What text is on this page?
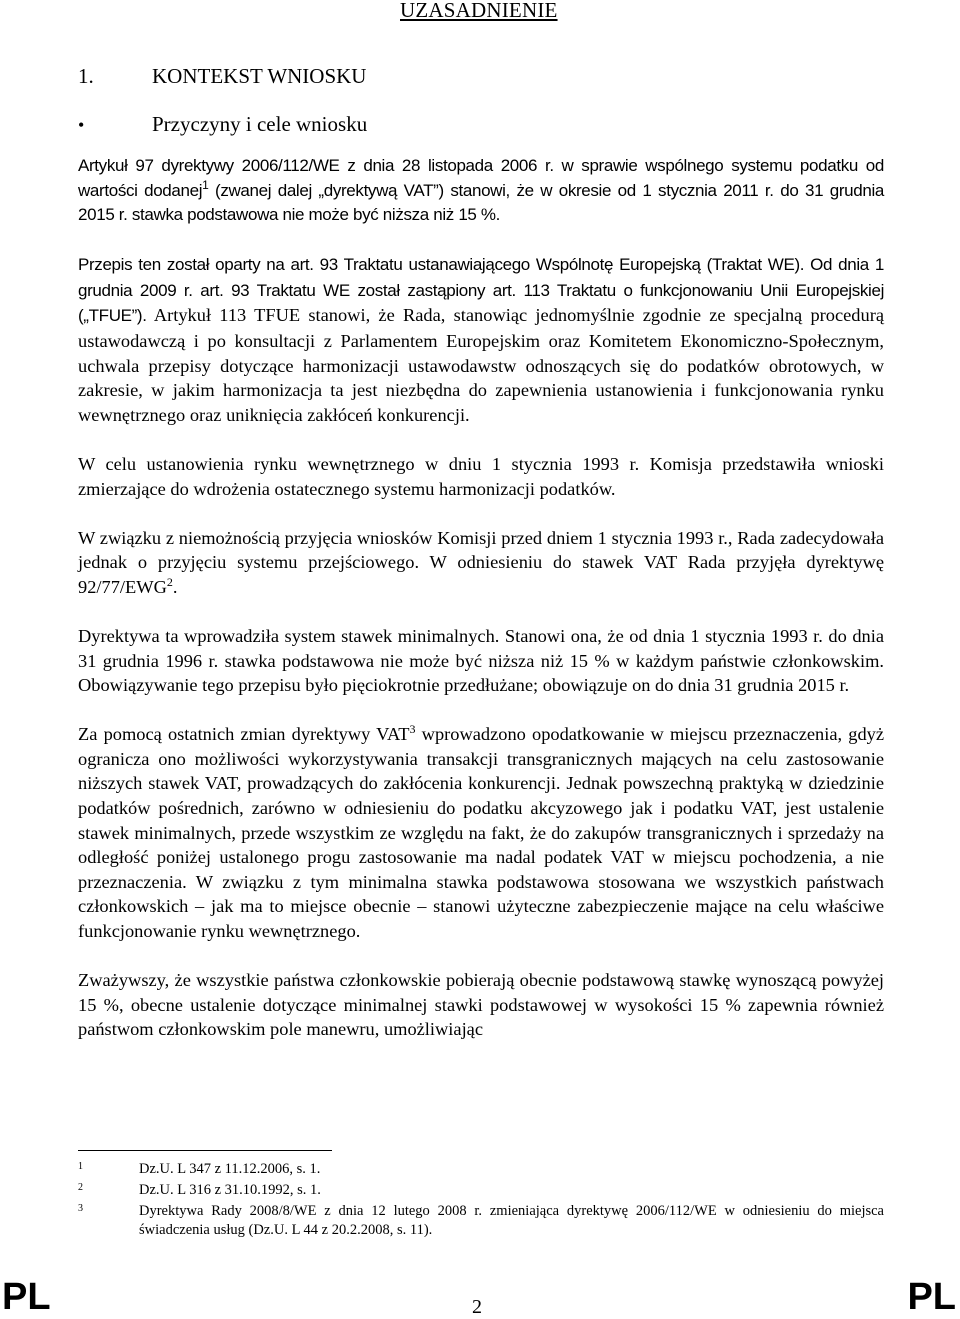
UZASADNIENIE
1.	KONTEKST WNIOSKU
•	Przyczyny i cele wniosku

Artykuł 97 dyrektywy 2006/112/WE z dnia 28 listopada 2006 r. w sprawie wspólnego systemu podatku od wartości dodanej$^1$ (zwanej dalej „dyrektywą VAT”) stanowi, że w okresie od 1 stycznia 2011 r. do 31 grudnia 2015 r. stawka podstawowa nie może być niższa niż 15 %.

Przepis ten został oparty na art. 93 Traktatu ustanawiającego Wspólnotę Europejską (Traktat WE). Od dnia 1 grudnia 2009 r. art. 93 Traktatu WE został zastąpiony art. 113 Traktatu o funkcjonowaniu Unii Europejskiej („TFUE”). Artykuł 113 TFUE stanowi, że Rada, stanowiąc jednomyślnie zgodnie ze specjalną procedurą ustawodawczą i po konsultacji z Parlamentem Europejskim oraz Komitetem Ekonomiczno-Społecznym, uchwala przepisy dotyczące harmonizacji ustawodawstw odnoszących się do podatków obrotowych, w zakresie, w jakim harmonizacja ta jest niezbędna do zapewnienia ustanowienia i funkcjonowania rynku wewnętrznego oraz uniknięcia zakłóceń konkurencji.

W celu ustanowienia rynku wewnętrznego w dniu 1 stycznia 1993 r. Komisja przedstawiła wnioski zmierzające do wdrożenia ostatecznego systemu harmonizacji podatków.

W związku z niemożnością przyjęcia wniosków Komisji przed dniem 1 stycznia 1993 r., Rada zadecydowała jednak o przyjęciu systemu przejściowego. W odniesieniu do stawek VAT Rada przyjęła dyrektywę 92/77/EWG$^2$.

Dyrektywa ta wprowadziła system stawek minimalnych. Stanowi ona, że od dnia 1 stycznia 1993 r. do dnia 31 grudnia 1996 r. stawka podstawowa nie może być niższa niż 15 % w każdym państwie członkowskim. Obowiązywanie tego przepisu było pięciokrotnie przedłużane; obowiązuje on do dnia 31 grudnia 2015 r.

Za pomocą ostatnich zmian dyrektywy VAT$^3$ wprowadzono opodatkowanie w miejscu przeznaczenia, gdyż ogranicza ono możliwości wykorzystywania transakcji transgranicznych mających na celu zastosowanie niższych stawek VAT, prowadzących do zakłócenia konkurencji. Jednak powszechną praktyką w dziedzinie podatków pośrednich, zarówno w odniesieniu do podatku akcyzowego jak i podatku VAT, jest ustalenie stawek minimalnych, przede wszystkim ze względu na fakt, że do zakupów transgranicznych i sprzedaży na odległość poniżej ustalonego progu zastosowanie ma nadal podatek VAT w miejscu pochodzenia, a nie przeznaczenia. W związku z tym minimalna stawka podstawowa stosowana we wszystkich państwach członkowskich – jak ma to miejsce obecnie – stanowi użyteczne zabezpieczenie mające na celu właściwe funkcjonowanie rynku wewnętrznego.

Zważywszy, że wszystkie państwa członkowskie pobierają obecnie podstawową stawkę wynoszącą powyżej 15 %, obecne ustalenie dotyczące minimalnej stawki podstawowej w wysokości 15 % zapewnia również państwom członkowskim pole manewru, umożliwiając

1	Dz.U. L 347 z 11.12.2006, s. 1.
2	Dz.U. L 316 z 31.10.1992, s. 1.
3	Dyrektywa Rady 2008/8/WE z dnia 12 lutego 2008 r. zmieniająca dyrektywę 2006/112/WE w odniesieniu do miejsca świadczenia usług (Dz.U. L 44 z 20.2.2008, s. 11).
PL	2	PL
